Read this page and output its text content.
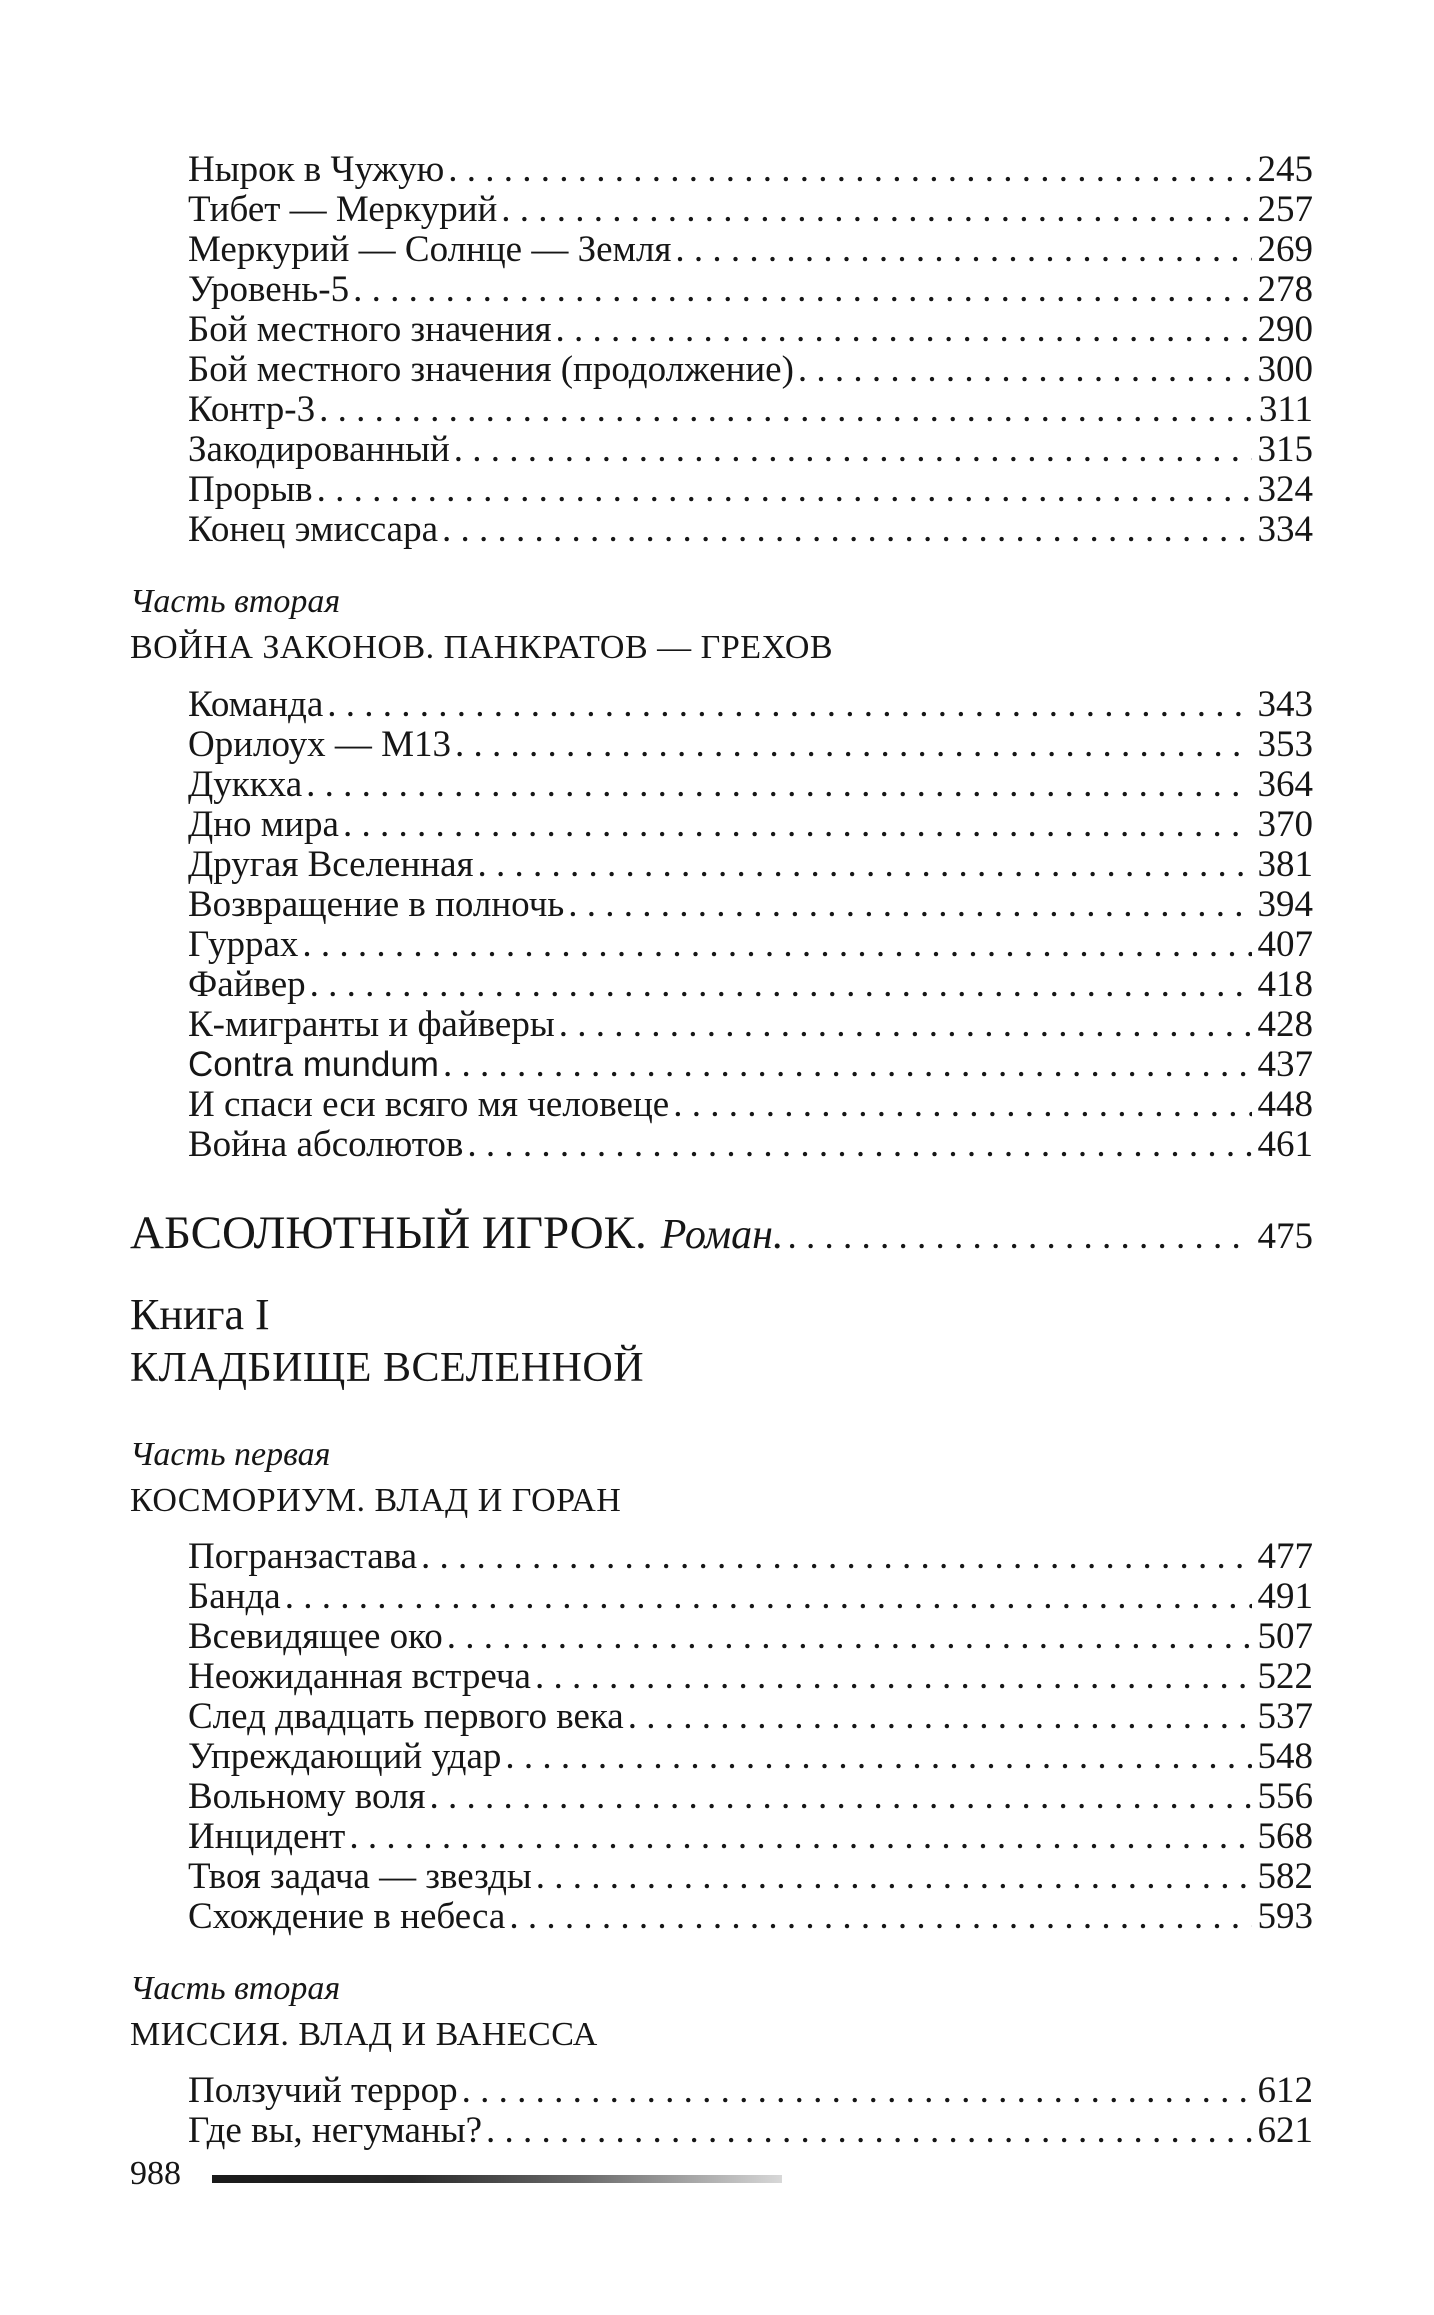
Нырок в Чужую . . .	245
Тибет — Меркурий . . .	257
Меркурий — Солнце — Земля . . .	269
Уровень-5 . . .	278
Бой местного значения . . .	290
Бой местного значения (продолжение) . . .	300
Контр-3 . . .	311
Закодированный . . .	315
Прорыв . . .	324
Конец эмиссара . . .	334
Часть вторая
ВОЙНА ЗАКОНОВ. ПАНКРАТОВ — ГРЕХОВ
Команда . . .	343
Орилоух — М13 . . .	353
Дуккха . . .	364
Дно мира . . .	370
Другая Вселенная . . .	381
Возвращение в полночь . . .	394
Гуррах . . .	407
Файвер . . .	418
К-мигранты и файверы . . .	428
Contra mundum . . .	437
И спаси еси всяго мя человеце . . .	448
Война абсолютов . . .	461
АБСОЛЮТНЫЙ ИГРОК. Роман. . . .	475
Книга I
КЛАДБИЩЕ ВСЕЛЕННОЙ
Часть первая
КОСМОРИУМ. ВЛАД И ГОРАН
Погранзастава . . .	477
Банда . . .	491
Всевидящее око . . .	507
Неожиданная встреча . . .	522
След двадцать первого века . . .	537
Упреждающий удар . . .	548
Вольному воля . . .	556
Инцидент . . .	568
Твоя задача — звезды . . .	582
Схождение в небеса . . .	593
Часть вторая
МИССИЯ. ВЛАД И ВАНЕССА
Ползучий террор . . .	612
Где вы, негуманы? . . .	621
988
